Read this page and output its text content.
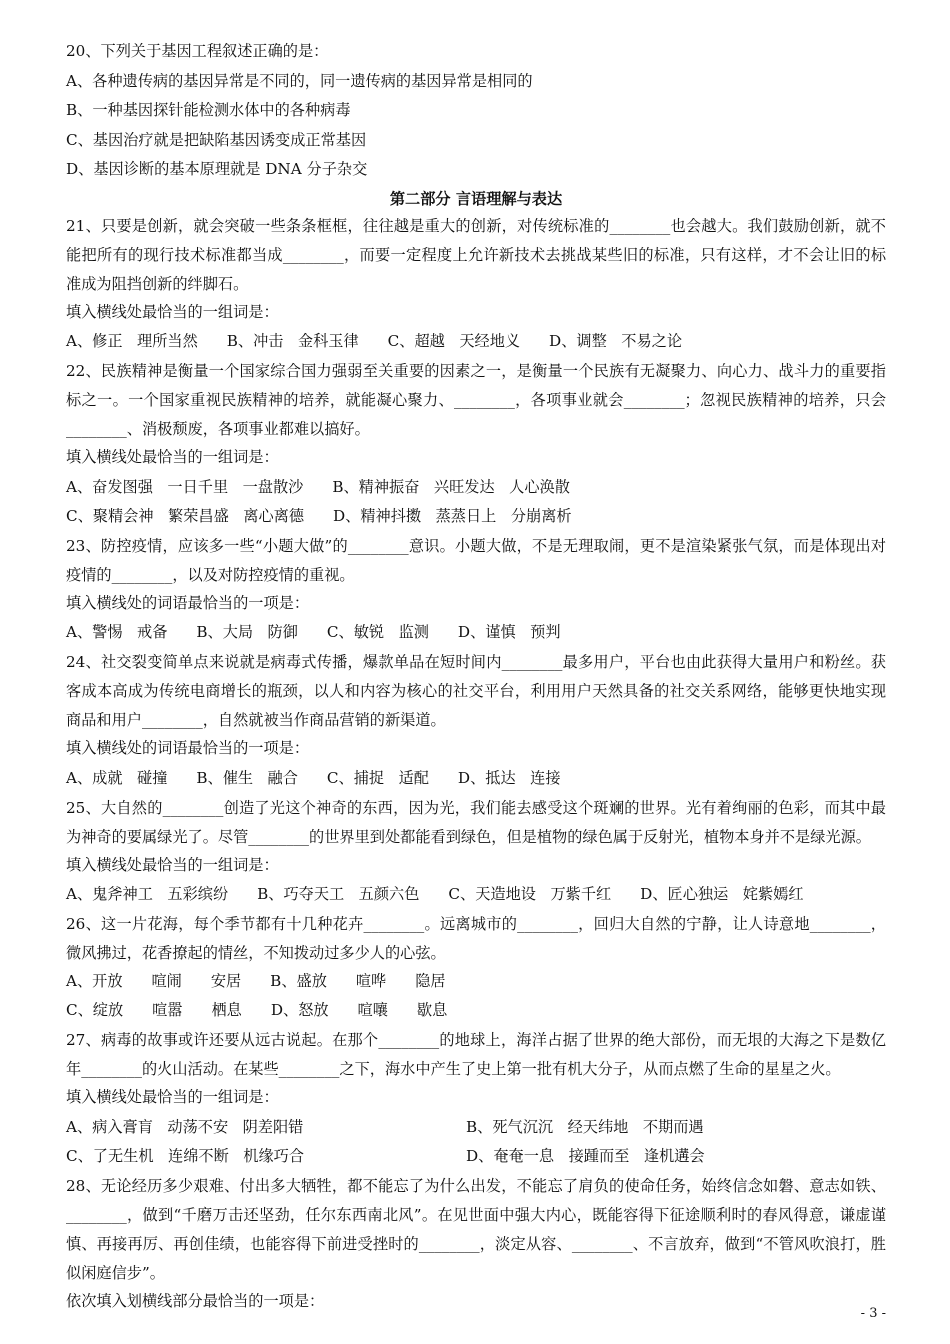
20、下列关于基因工程叙述正确的是：

A、各种遗传病的基因异常是不同的，同一遗传病的基因异常是相同的

B、一种基因探针能检测水体中的各种病毒

C、基因治疗就是把缺陷基因诱变成正常基因

D、基因诊断的基本原理就是 DNA 分子杂交

第二部分 言语理解与表达

21、只要是创新，就会突破一些条条框框，往往越是重大的创新，对传统标准的________也会越大。我们鼓励创新，就不能把所有的现行技术标准都当成________，而要一定程度上允许新技术去挑战某些旧的标准，只有这样，才不会让旧的标准成为阻挡创新的绊脚石。

填入横线处最恰当的一组词是：

A、修正   理所当然      B、冲击   金科玉律      C、超越   天经地义      D、调整   不易之论

22、民族精神是衡量一个国家综合国力强弱至关重要的因素之一，是衡量一个民族有无凝聚力、向心力、战斗力的重要指标之一。一个国家重视民族精神的培养，就能凝心聚力、________，各项事业就会________；忽视民族精神的培养，只会________、消极颓废，各项事业都难以搞好。

填入横线处最恰当的一组词是：

A、奋发图强   一日千里   一盘散沙      B、精神振奋   兴旺发达   人心涣散

C、聚精会神   繁荣昌盛   离心离德      D、精神抖擞   蒸蒸日上   分崩离析

23、防控疫情，应该多一些“小题大做”的________意识。小题大做，不是无理取闹，更不是渲染紧张气氛，而是体现出对疫情的________，以及对防控疫情的重视。

填入横线处的词语最恰当的一项是：

A、警惕   戒备      B、大局   防御      C、敏锐   监测      D、谨慎   预判

24、社交裂变简单点来说就是病毒式传播，爆款单品在短时间内________最多用户，平台也由此获得大量用户和粉丝。获客成本高成为传统电商增长的瓶颈，以人和内容为核心的社交平台，利用用户天然具备的社交关系网络，能够更快地实现商品和用户________，自然就被当作商品营销的新渠道。

填入横线处的词语最恰当的一项是：

A、成就   碰撞      B、催生   融合      C、捕捉   适配      D、抵达   连接

25、大自然的________创造了光这个神奇的东西，因为光，我们能去感受这个斑斓的世界。光有着绚丽的色彩，而其中最为神奇的要属绿光了。尽管________的世界里到处都能看到绿色，但是植物的绿色属于反射光，植物本身并不是绿光源。

填入横线处最恰当的一组词是：

A、鬼斧神工   五彩缤纷      B、巧夺天工   五颜六色      C、天造地设   万紫千红      D、匠心独运   姹紫嫣红

26、这一片花海，每个季节都有十几种花卉________。远离城市的________，回归大自然的宁静，让人诗意地________，微风拂过，花香撩起的情丝，不知拨动过多少人的心弦。

A、开放      喧闹      安居      B、盛放      喧哗      隐居

C、绽放      喧嚣      栖息      D、怒放      喧嚷      歇息

27、病毒的故事或许还要从远古说起。在那个________的地球上，海洋占据了世界的绝大部份，而无垠的大海之下是数亿年________的火山活动。在某些________之下，海水中产生了史上第一批有机大分子，从而点燃了生命的星星之火。

填入横线处最恰当的一组词是：

A、病入膏肓   动荡不安   阴差阳错	B、死气沉沉   经天纬地   不期而遇
C、了无生机   连绵不断   机缘巧合	D、奄奄一息   接踵而至   逢机遘会

28、无论经历多少艰难、付出多大牺牲，都不能忘了为什么出发，不能忘了肩负的使命任务，始终信念如磐、意志如铁、________，做到“千磨万击还坚劲，任尔东西南北风”。在见世面中强大内心，既能容得下征途顺利时的春风得意，谦虚谨慎、再接再厉、再创佳绩，也能容得下前进受挫时的________，淡定从容、________、不言放弃，做到“不管风吹浪打，胜似闲庭信步”。

依次填入划横线部分最恰当的一项是：

- 3 -
